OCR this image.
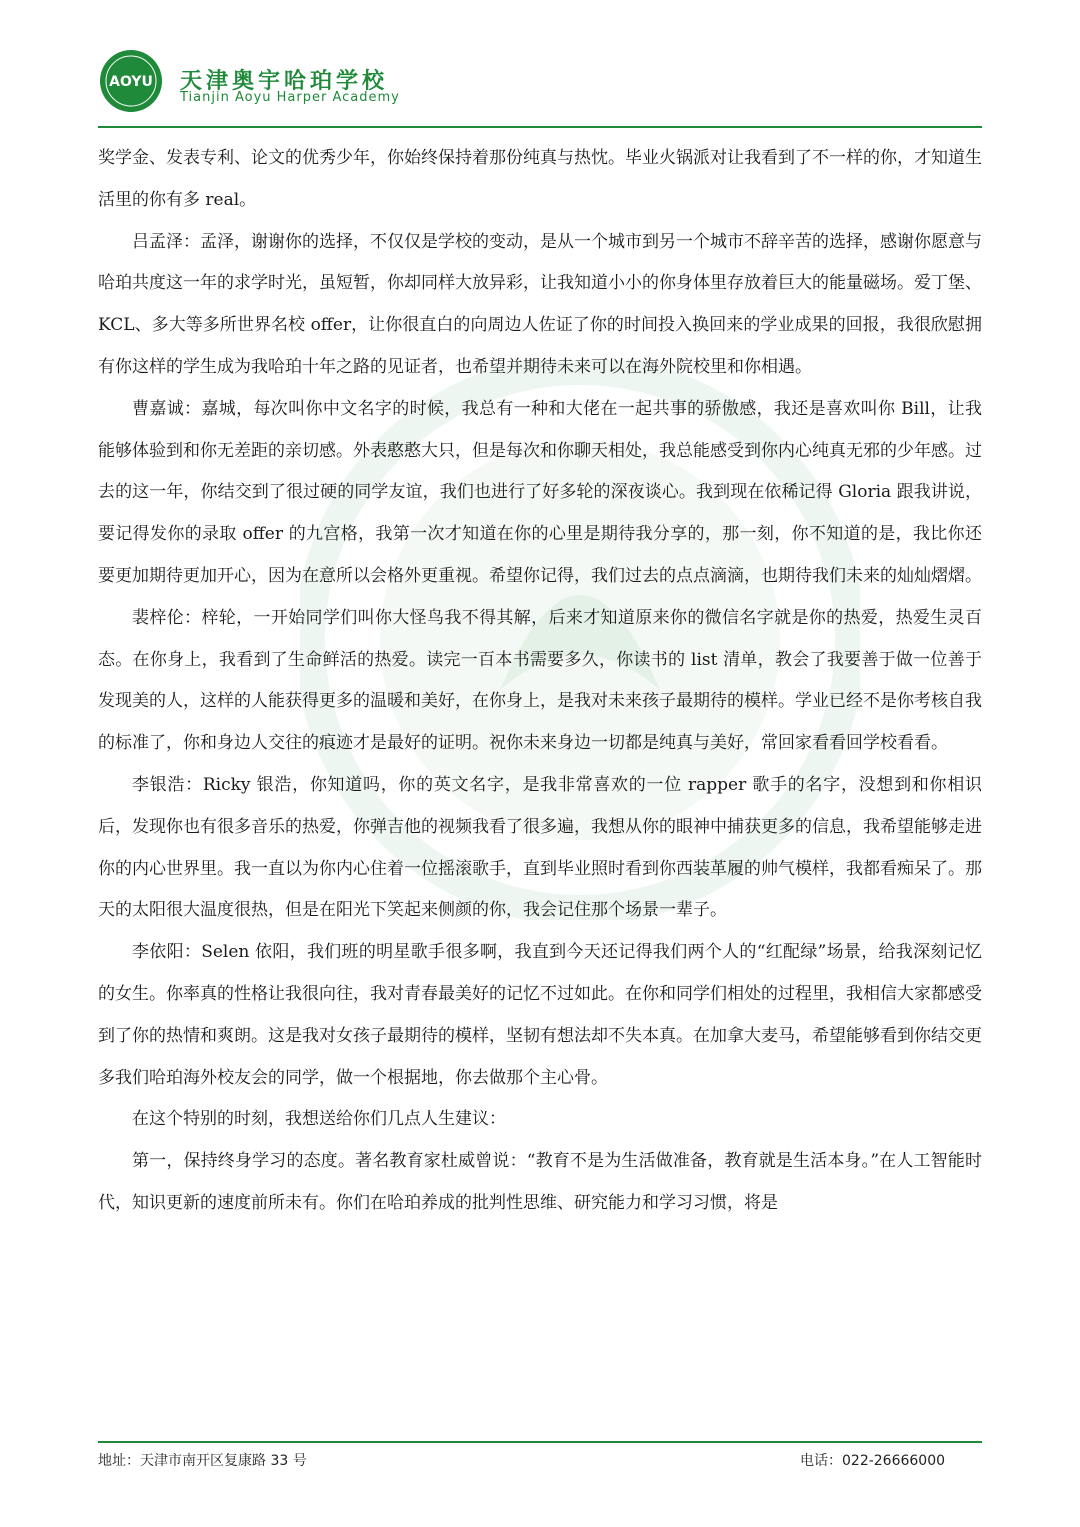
AOYU 天津奥宇哈珀学校
Tianjin Aoyu Harper Academy

奖学金、发表专利、论文的优秀少年，你始终保持着那份纯真与热忱。毕业火锅派对让我看到了不一样的你，才知道生活里的你有多 real。

吕孟泽：孟泽，谢谢你的选择，不仅仅是学校的变动，是从一个城市到另一个城市不辞辛苦的选择，感谢你愿意与哈珀共度这一年的求学时光，虽短暂，你却同样大放异彩，让我知道小小的你身体里存放着巨大的能量磁场。爱丁堡、KCL、多大等多所世界名校 offer，让你很直白的向周边人佐证了你的时间投入换回来的学业成果的回报，我很欣慰拥有你这样的学生成为我哈珀十年之路的见证者，也希望并期待未来可以在海外院校里和你相遇。

曹嘉诚：嘉城，每次叫你中文名字的时候，我总有一种和大佬在一起共事的骄傲感，我还是喜欢叫你 Bill，让我能够体验到和你无差距的亲切感。外表憨憨大只，但是每次和你聊天相处，我总能感受到你内心纯真无邪的少年感。过去的这一年，你结交到了很过硬的同学友谊，我们也进行了好多轮的深夜谈心。我到现在依稀记得 Gloria 跟我讲说，要记得发你的录取 offer 的九宫格，我第一次才知道在你的心里是期待我分享的，那一刻，你不知道的是，我比你还要更加期待更加开心，因为在意所以会格外更重视。希望你记得，我们过去的点点滴滴，也期待我们未来的灿灿熠熠。

裴梓伦：梓轮，一开始同学们叫你大怪鸟我不得其解，后来才知道原来你的微信名字就是你的热爱，热爱生灵百态。在你身上，我看到了生命鲜活的热爱。读完一百本书需要多久，你读书的 list 清单，教会了我要善于做一位善于发现美的人，这样的人能获得更多的温暖和美好，在你身上，是我对未来孩子最期待的模样。学业已经不是你考核自我的标准了，你和身边人交往的痕迹才是最好的证明。祝你未来身边一切都是纯真与美好，常回家看看回学校看看。

李银浩：Ricky 银浩，你知道吗，你的英文名字，是我非常喜欢的一位 rapper 歌手的名字，没想到和你相识后，发现你也有很多音乐的热爱，你弹吉他的视频我看了很多遍，我想从你的眼神中捕获更多的信息，我希望能够走进你的内心世界里。我一直以为你内心住着一位摇滚歌手，直到毕业照时看到你西装革履的帅气模样，我都看痴呆了。那天的太阳很大温度很热，但是在阳光下笑起来侧颜的你，我会记住那个场景一辈子。

李依阳：Selen 依阳，我们班的明星歌手很多啊，我直到今天还记得我们两个人的“红配绿”场景，给我深刻记忆的女生。你率真的性格让我很向往，我对青春最美好的记忆不过如此。在你和同学们相处的过程里，我相信大家都感受到了你的热情和爽朗。这是我对女孩子最期待的模样，坚韧有想法却不失本真。在加拿大麦马，希望能够看到你结交更多我们哈珀海外校友会的同学，做一个根据地，你去做那个主心骨。

在这个特别的时刻，我想送给你们几点人生建议：

第一，保持终身学习的态度。著名教育家杜威曾说：“教育不是为生活做准备，教育就是生活本身。”在人工智能时代，知识更新的速度前所未有。你们在哈珀养成的批判性思维、研究能力和学习习惯，将是

地址：天津市南开区复康路 33 号	电话：022-26666000
